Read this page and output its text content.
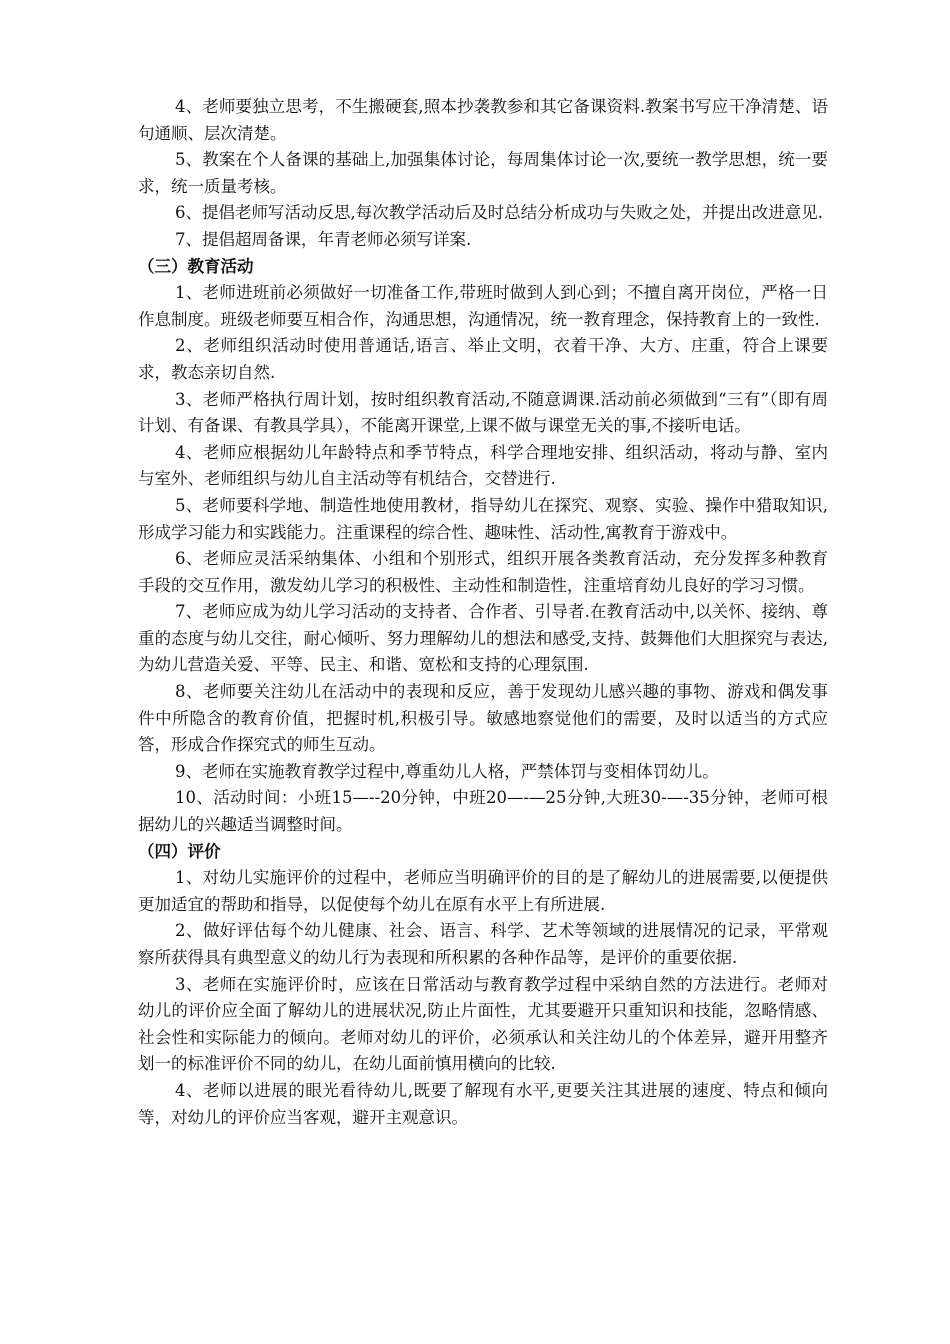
4、老师要独立思考，不生搬硬套,照本抄袭教参和其它备课资料.教案书写应干净清楚、语句通顺、层次清楚。

5、教案在个人备课的基础上,加强集体讨论，每周集体讨论一次,要统一教学思想，统一要求，统一质量考核。

6、提倡老师写活动反思,每次教学活动后及时总结分析成功与失败之处，并提出改进意见.

7、提倡超周备课，年青老师必须写详案.

（三）教育活动

1、老师进班前必须做好一切准备工作,带班时做到人到心到；不擅自离开岗位，严格一日作息制度。班级老师要互相合作，沟通思想，沟通情况，统一教育理念，保持教育上的一致性.

2、老师组织活动时使用普通话,语言、举止文明，衣着干净、大方、庄重，符合上课要求，教态亲切自然.

3、老师严格执行周计划，按时组织教育活动,不随意调课.活动前必须做到“三有”（即有周计划、有备课、有教具学具），不能离开课堂,上课不做与课堂无关的事,不接听电话。

4、老师应根据幼儿年龄特点和季节特点，科学合理地安排、组织活动，将动与静、室内与室外、老师组织与幼儿自主活动等有机结合，交替进行.

5、老师要科学地、制造性地使用教材，指导幼儿在探究、观察、实验、操作中猎取知识,形成学习能力和实践能力。注重课程的综合性、趣味性、活动性,寓教育于游戏中。

6、老师应灵活采纳集体、小组和个别形式，组织开展各类教育活动，充分发挥多种教育手段的交互作用，激发幼儿学习的积极性、主动性和制造性，注重培育幼儿良好的学习习惯。

7、老师应成为幼儿学习活动的支持者、合作者、引导者.在教育活动中,以关怀、接纳、尊重的态度与幼儿交往，耐心倾听、努力理解幼儿的想法和感受,支持、鼓舞他们大胆探究与表达,为幼儿营造关爱、平等、民主、和谐、宽松和支持的心理氛围.

8、老师要关注幼儿在活动中的表现和反应，善于发现幼儿感兴趣的事物、游戏和偶发事件中所隐含的教育价值，把握时机,积极引导。敏感地察觉他们的需要，及时以适当的方式应答，形成合作探究式的师生互动。

9、老师在实施教育教学过程中,尊重幼儿人格，严禁体罚与变相体罚幼儿。

10、活动时间：小班15—--20分钟，中班20—-—25分钟,大班30-—-35分钟，老师可根据幼儿的兴趣适当调整时间。

（四）评价

1、对幼儿实施评价的过程中，老师应当明确评价的目的是了解幼儿的进展需要,以便提供更加适宜的帮助和指导，以促使每个幼儿在原有水平上有所进展.

2、做好评估每个幼儿健康、社会、语言、科学、艺术等领域的进展情况的记录，平常观察所获得具有典型意义的幼儿行为表现和所积累的各种作品等，是评价的重要依据.

3、老师在实施评价时，应该在日常活动与教育教学过程中采纳自然的方法进行。老师对幼儿的评价应全面了解幼儿的进展状况,防止片面性，尤其要避开只重知识和技能，忽略情感、社会性和实际能力的倾向。老师对幼儿的评价，必须承认和关注幼儿的个体差异，避开用整齐划一的标准评价不同的幼儿，在幼儿面前慎用横向的比较.

4、老师以进展的眼光看待幼儿,既要了解现有水平,更要关注其进展的速度、特点和倾向等，对幼儿的评价应当客观，避开主观意识。
